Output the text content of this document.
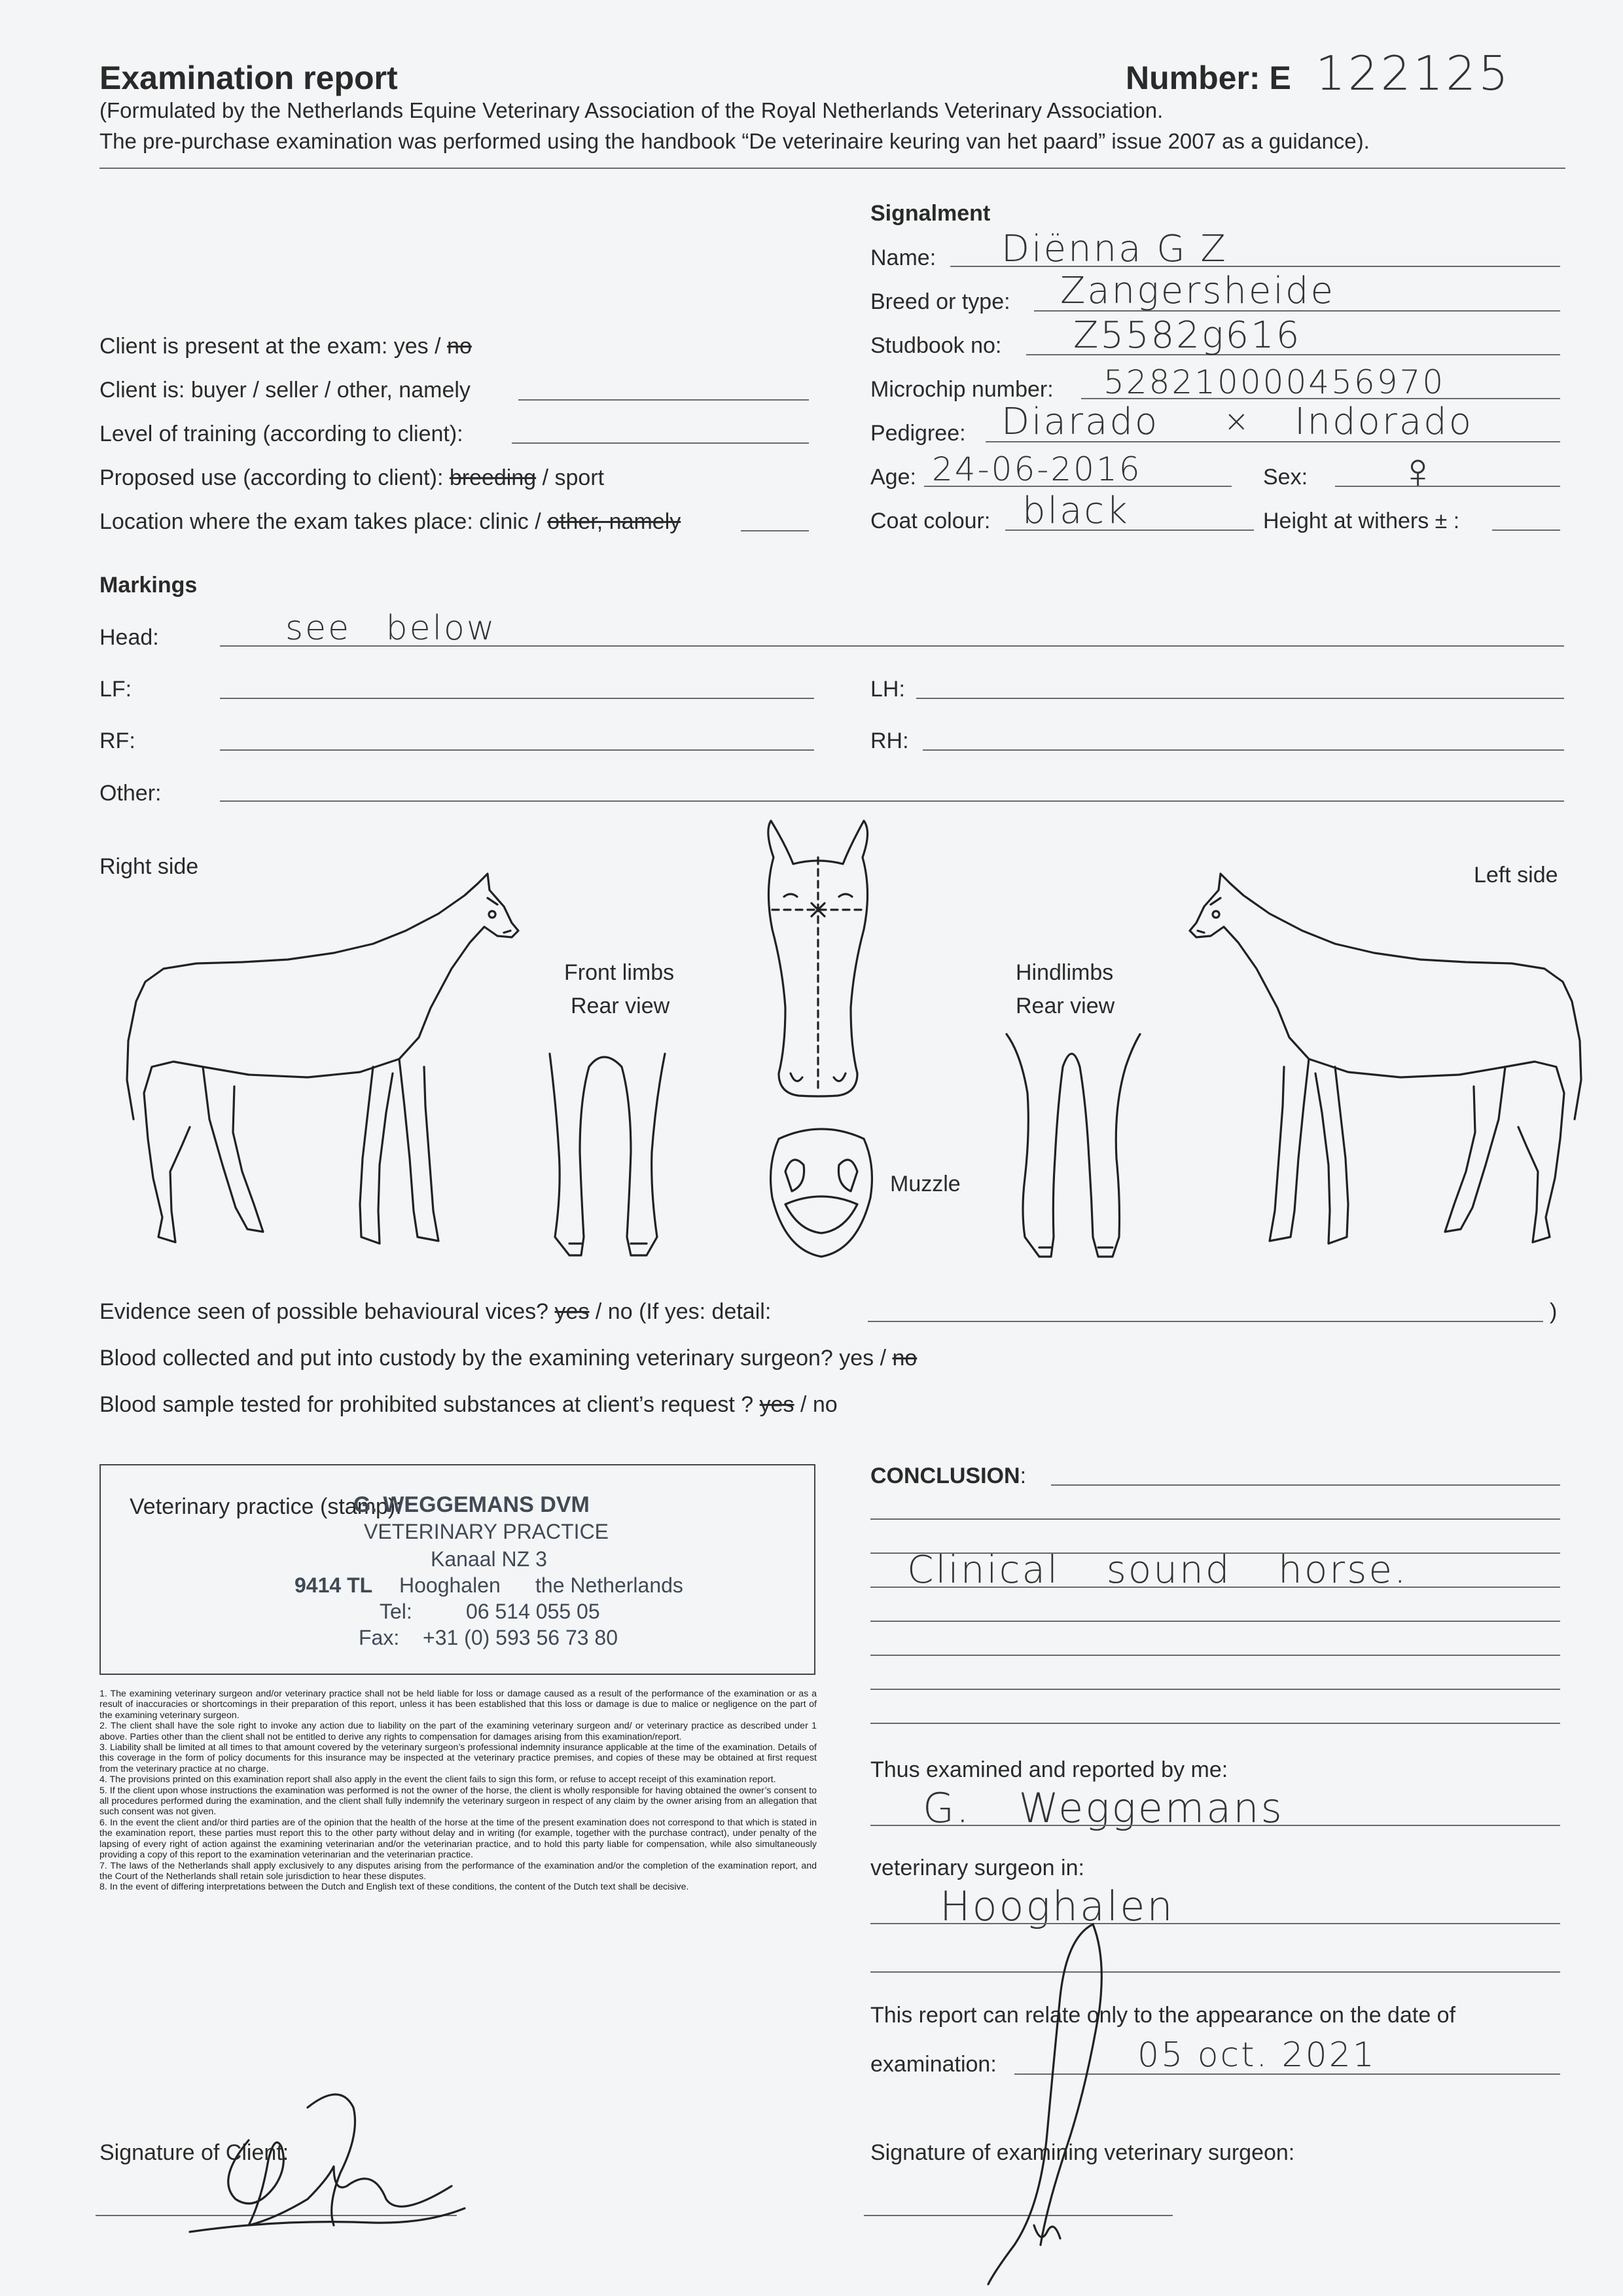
Examination report	Number: E 122125
(Formulated by the Netherlands Equine Veterinary Association of the Royal Netherlands Veterinary Association.
The pre-purchase examination was performed using the handbook “De veterinaire keuring van het paard” issue 2007 as a guidance).
Client is present at the exam: yes / no
Client is: buyer / seller / other, namely
Level of training (according to client):
Proposed use (according to client): breeding / sport
Location where the exam takes place: clinic / other, namely
Signalment
Name: Diënna G Z
Breed or type: Zangersheide
Studbook no: Z5582g616
Microchip number: 528210000456970
Pedigree: Diarado × Indorado
Age: 24-06-2016	Sex: ♀
Coat colour: black	Height at withers ± :
Markings
Head:	see below
LF:	LH:
RF:	RH:
Other:
Right side	Left side
Front limbs
Rear view
Hindlimbs
Rear view
Muzzle
Evidence seen of possible behavioural vices? yes / no (If yes: detail:	)
Blood collected and put into custody by the examining veterinary surgeon? yes / no
Blood sample tested for prohibited substances at client’s request ? yes / no
Veterinary practice (stamp):
G. WEGGEMANS DVM
VETERINARY PRACTICE
Kanaal NZ 3
9414 TL Hooghalen the Netherlands
Tel:	06 514 055 05
Fax: +31 (0) 593 56 73 80

1. The examining veterinary surgeon and/or veterinary practice shall not be held liable for loss or damage caused as a result of the performance of the examination or as a result of inaccuracies or shortcomings in their preparation of this report, unless it has been established that this loss or damage is due to malice or negligence on the part of the examining veterinary surgeon.

2. The client shall have the sole right to invoke any action due to liability on the part of the examining veterinary surgeon and/ or veterinary practice as described under 1 above. Parties other than the client shall not be entitled to derive any rights to compensation for damages arising from this examination/report.

3. Liability shall be limited at all times to that amount covered by the veterinary surgeon’s professional indemnity insurance applicable at the time of the examination. Details of this coverage in the form of policy documents for this insurance may be inspected at the veterinary practice premises, and copies of these may be obtained at first request from the veterinary practice at no charge.

4. The provisions printed on this examination report shall also apply in the event the client fails to sign this form, or refuse to accept receipt of this examination report.

5. If the client upon whose instructions the examination was performed is not the owner of the horse, the client is wholly responsible for having obtained the owner’s consent to all procedures performed during the examination, and the client shall fully indemnify the veterinary surgeon in respect of any claim by the owner arising from an allegation that such consent was not given.

6. In the event the client and/or third parties are of the opinion that the health of the horse at the time of the present examination does not correspond to that which is stated in the examination report, these parties must report this to the other party without delay and in writing (for example, together with the purchase contract), under penalty of the lapsing of every right of action against the examining veterinarian and/or the veterinarian practice, and to hold this party liable for compensation, while also simultaneously providing a copy of this report to the examination veterinarian and the veterinarian practice.

7. The laws of the Netherlands shall apply exclusively to any disputes arising from the performance of the examination and/or the completion of the examination report, and the Court of the Netherlands shall retain sole jurisdiction to hear these disputes.

8. In the event of differing interpretations between the Dutch and English text of these conditions, the content of the Dutch text shall be decisive.

Signature of Client:
CONCLUSION:
Clinical sound horse.
Thus examined and reported by me:
G. Weggemans
veterinary surgeon in:
Hooghalen
This report can relate only to the appearance on the date of
examination:	05 oct. 2021
Signature of examining veterinary surgeon:
